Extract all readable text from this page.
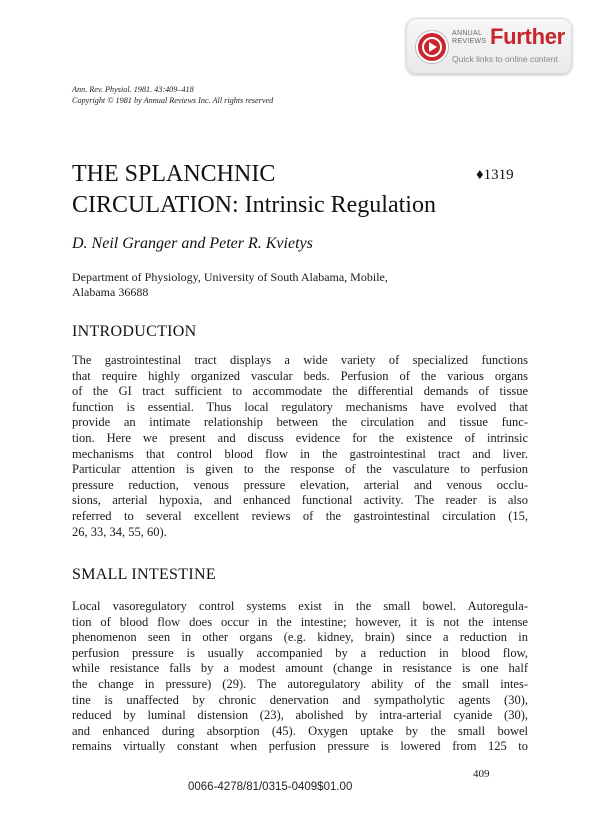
ANNUAL
REVIEWS Further
Quick links to online content
Ann. Rev. Physiol. 1981. 43:409–418
Copyright © 1981 by Annual Reviews Inc. All rights reserved
THE SPLANCHNIC
CIRCULATION: Intrinsic Regulation
♦1319
D. Neil Granger and Peter R. Kvietys
Department of Physiology, University of South Alabama, Mobile,
Alabama 36688
INTRODUCTION
The gastrointestinal tract displays a wide variety of specialized functions
that require highly organized vascular beds. Perfusion of the various organs
of the GI tract sufficient to accommodate the differential demands of tissue
function is essential. Thus local regulatory mechanisms have evolved that
provide an intimate relationship between the circulation and tissue func-
tion. Here we present and discuss evidence for the existence of intrinsic
mechanisms that control blood flow in the gastrointestinal tract and liver.
Particular attention is given to the response of the vasculature to perfusion
pressure reduction, venous pressure elevation, arterial and venous occlu-
sions, arterial hypoxia, and enhanced functional activity. The reader is also
referred to several excellent reviews of the gastrointestinal circulation (15,
26, 33, 34, 55, 60).
SMALL INTESTINE
Local vasoregulatory control systems exist in the small bowel. Autoregula-
tion of blood flow does occur in the intestine; however, it is not the intense
phenomenon seen in other organs (e.g. kidney, brain) since a reduction in
perfusion pressure is usually accompanied by a reduction in blood flow,
while resistance falls by a modest amount (change in resistance is one half
the change in pressure) (29). The autoregulatory ability of the small intes-
tine is unaffected by chronic denervation and sympatholytic agents (30),
reduced by luminal distension (23), abolished by intra-arterial cyanide (30),
and enhanced during absorption (45). Oxygen uptake by the small bowel
remains virtually constant when perfusion pressure is lowered from 125 to
409
0066-4278/81/0315-0409$01.00
